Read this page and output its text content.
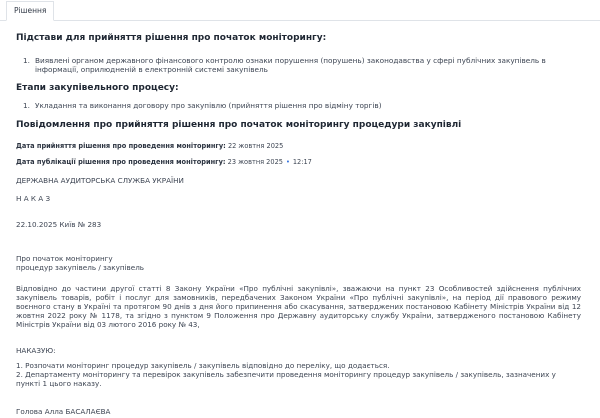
Рішення
Підстави для прийняття рішення про початок моніторингу:
1. Виявлені органом державного фінансового контролю ознаки порушення (порушень) законодавства у сфері публічних закупівель в інформації, оприлюдненій в електронній системі закупівель
Етапи закупівельного процесу:
1. Укладання та виконання договору про закупівлю (прийняття рішення про відміну торгів)
Повідомлення про прийняття рішення про початок моніторингу процедури закупівлі
Дата прийняття рішення про проведення моніторингу: 22 жовтня 2025
Дата публікації рішення про проведення моніторингу: 23 жовтня 2025 • 12:17
ДЕРЖАВНА АУДИТОРСЬКА СЛУЖБА УКРАЇНИ
Н А К А З
22.10.2025 Київ № 283
Про початок моніторингу
процедур закупівель / закупівель
Відповідно до частини другої статті 8 Закону України «Про публічні закупівлі», зважаючи на пункт 23 Особливостей здійснення публічних закупівель товарів, робіт і послуг для замовників, передбачених Законом України «Про публічні закупівлі», на період дії правового режиму воєнного стану в Україні та протягом 90 днів з дня його припинення або скасування, затверджених постановою Кабінету Міністрів України від 12 жовтня 2022 року № 1178, та згідно з пунктом 9 Положення про Державну аудиторську службу України, затвердженого постановою Кабінету Міністрів України від 03 лютого 2016 року № 43,
НАКАЗУЮ:
1. Розпочати моніторинг процедур закупівель / закупівель відповідно до переліку, що додається.
2. Департаменту моніторингу та перевірок закупівель забезпечити проведення моніторингу процедур закупівель / закупівель, зазначених у пункті 1 цього наказу.
Голова Алла БАСАЛАЄВА
